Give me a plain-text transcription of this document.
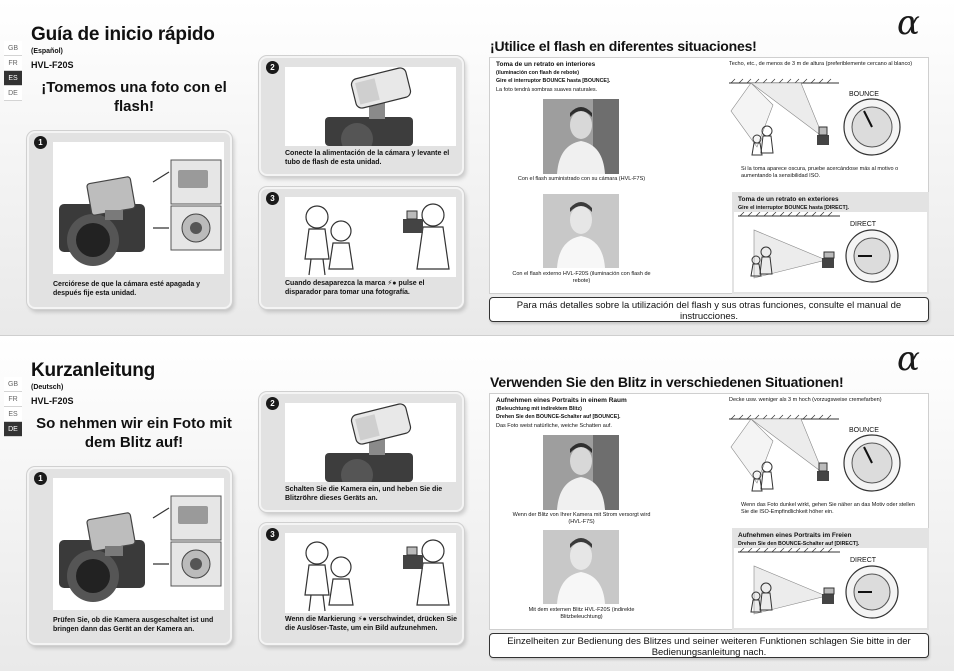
GB
FR
ES
DE
Guía de inicio rápido
(Español)
HVL-F20S
¡Tomemos una foto con el flash!
1
Cerciórese de que la cámara esté apagada y después fije esta unidad.
2
Conecte la alimentación de la cámara y levante el tubo de flash de esta unidad.
3
Cuando desaparezca la marca ⚡● pulse el disparador para tomar una fotografía.
α
¡Utilice el flash en diferentes situaciones!
Toma de un retrato en interiores
(iluminación con flash de rebote)
Gire el interruptor BOUNCE hasta [BOUNCE].
La foto tendrá sombras suaves naturales.
Con el flash suministrado con su cámara (HVL-F7S)
Con el flash externo HVL-F20S (iluminación con flash de rebote)
Techo, etc., de menos de 3 m de altura (preferiblemente cercano al blanco)
BOUNCE
Si la toma aparece oscura, pruebe acercándose más al motivo o aumentando la sensibilidad ISO.
Toma de un retrato en exteriores
Gire el interruptor BOUNCE hasta [DIRECT].
DIRECT
Para más detalles sobre la utilización del flash y sus otras funciones, consulte el manual de instrucciones.
GB
FR
ES
DE
Kurzanleitung
(Deutsch)
HVL-F20S
So nehmen wir ein Foto mit dem Blitz auf!
1
Prüfen Sie, ob die Kamera ausgeschaltet ist und bringen dann das Gerät an der Kamera an.
2
Schalten Sie die Kamera ein, und heben Sie die Blitzröhre dieses Geräts an.
3
Wenn die Markierung ⚡● verschwindet, drücken Sie die Auslöser-Taste, um ein Bild aufzunehmen.
α
Verwenden Sie den Blitz in verschiedenen Situationen!
Aufnehmen eines Portraits in einem Raum
(Beleuchtung mit indirektem Blitz)
Drehen Sie den BOUNCE-Schalter auf [BOUNCE].
Das Foto weist natürliche, weiche Schatten auf.
Wenn der Blitz von Ihrer Kamera mit Strom versorgt wird (HVL-F7S)
Mit dem externen Blitz HVL-F20S (indirekte Blitzbeleuchtung)
Decke usw. weniger als 3 m hoch (vorzugsweise cremefarben)
BOUNCE
Wenn das Foto dunkel wirkt, gehen Sie näher an das Motiv oder stellen Sie die ISO-Empfindlichkeit höher ein.
Aufnehmen eines Portraits im Freien
Drehen Sie den BOUNCE-Schalter auf [DIRECT].
DIRECT
Einzelheiten zur Bedienung des Blitzes und seiner weiteren Funktionen schlagen Sie bitte in der Bedienungsanleitung nach.
